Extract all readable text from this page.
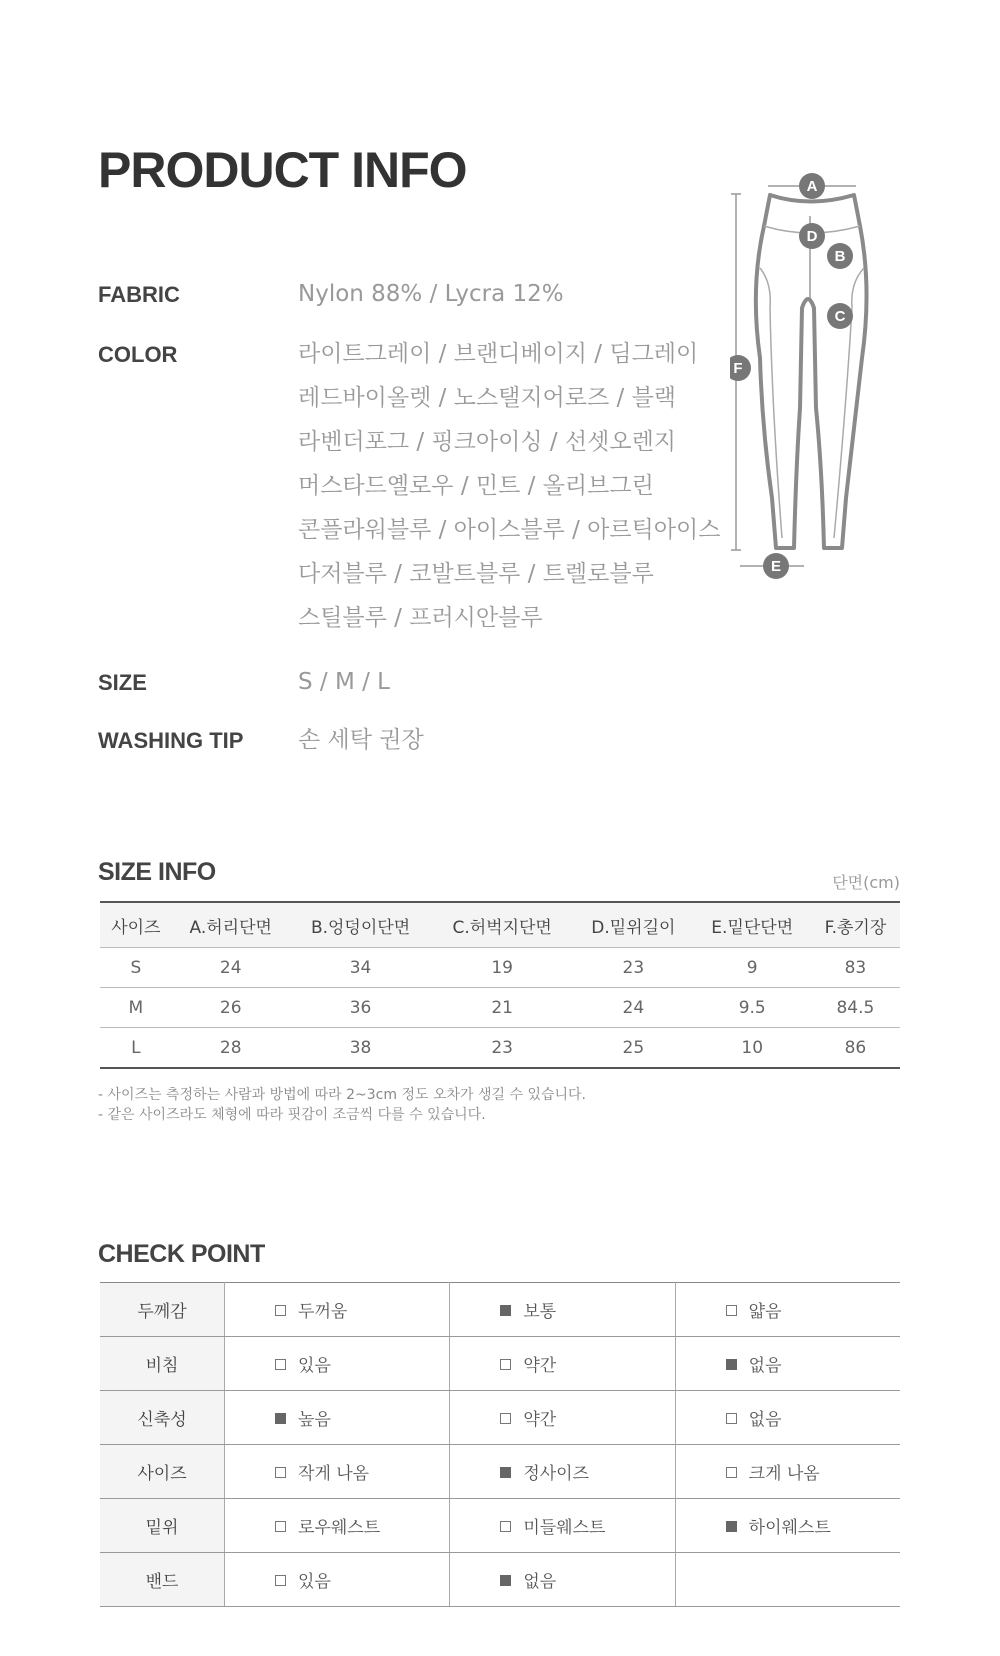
PRODUCT INFO
FABRIC	Nylon 88% / Lycra 12%
COLOR	라이트그레이 / 브랜디베이지 / 딤그레이
레드바이올렛 / 노스탤지어로즈 / 블랙
라벤더포그 / 핑크아이싱 / 선셋오렌지
머스타드옐로우 / 민트 / 올리브그린
콘플라워블루 / 아이스블루 / 아르틱아이스
다저블루 / 코발트블루 / 트렐로블루
스틸블루 / 프러시안블루
SIZE	S / M / L
WASHING TIP 손 세탁 권장
A
D
B
C
F
E
SIZE INFO	단면(cm)
사이즈	A.허리단면	B.엉덩이단면	C.허벅지단면	D.밑위길이	E.밑단단면	F.총기장
S	24	34	19	23	9	83
M	26	36	21	24	9.5	84.5
L	28	38	23	25	10	86
- 사이즈는 측정하는 사람과 방법에 따라 2~3cm 정도 오차가 생길 수 있습니다.
- 같은 사이즈라도 체형에 따라 핏감이 조금씩 다를 수 있습니다.
CHECK POINT
두께감	두꺼움	보통	얇음
비침	있음	약간	없음
신축성	높음	약간	없음
사이즈	작게 나옴	정사이즈	크게 나옴
밑위	로우웨스트	미들웨스트	하이웨스트
밴드	있음	없음	
